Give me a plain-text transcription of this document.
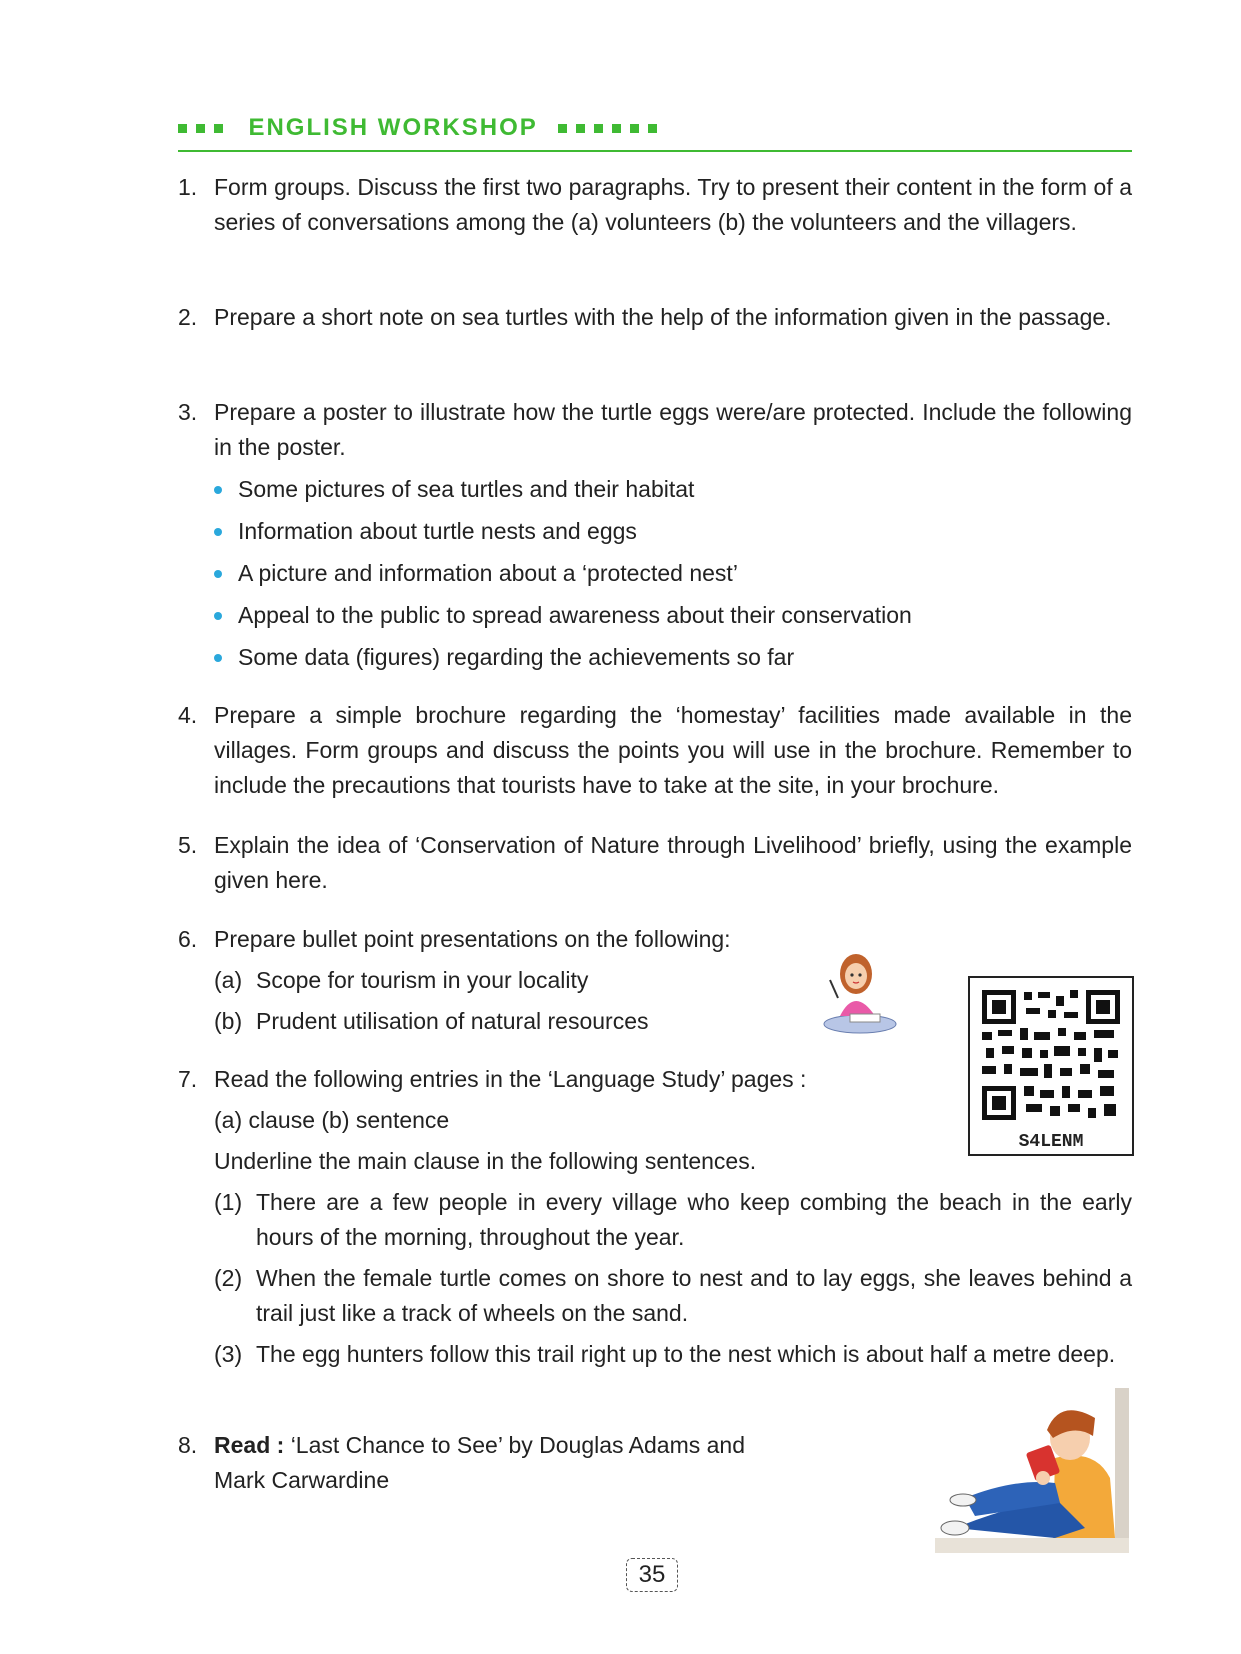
ENGLISH WORKSHOP
1. Form groups. Discuss the first two paragraphs. Try to present their content in the form of a series of conversations among the (a) volunteers (b) the volunteers and the villagers.
2. Prepare a short note on sea turtles with the help of the information given in the passage.
3. Prepare a poster to illustrate how the turtle eggs were/are protected. Include the following in the poster.
Some pictures of sea turtles and their habitat
Information about turtle nests and eggs
A picture and information about a ‘protected nest’
Appeal to the public to spread awareness about their conservation
Some data (figures) regarding the achievements so far
4. Prepare a simple brochure regarding the ‘homestay’ facilities made available in the villages. Form groups and discuss the points you will use in the brochure. Remember to include the precautions that tourists have to take at the site, in your brochure.
5. Explain the idea of ‘Conservation of Nature through Livelihood’ briefly, using the example given here.
6. Prepare bullet point presentations on the following:
(a) Scope for tourism in your locality
(b) Prudent utilisation of natural resources
7. Read the following entries in the ‘Language Study’ pages :
(a) clause (b) sentence
Underline the main clause in the following sentences.
(1) There are a few people in every village who keep combing the beach in the early hours of the morning, throughout the year.
(2) When the female turtle comes on shore to nest and to lay eggs, she leaves behind a trail just like a track of wheels on the sand.
(3) The egg hunters follow this trail right up to the nest which is about half a metre deep.
8. Read : ‘Last Chance to See’ by Douglas Adams and
Mark Carwardine
S4LENM
35
